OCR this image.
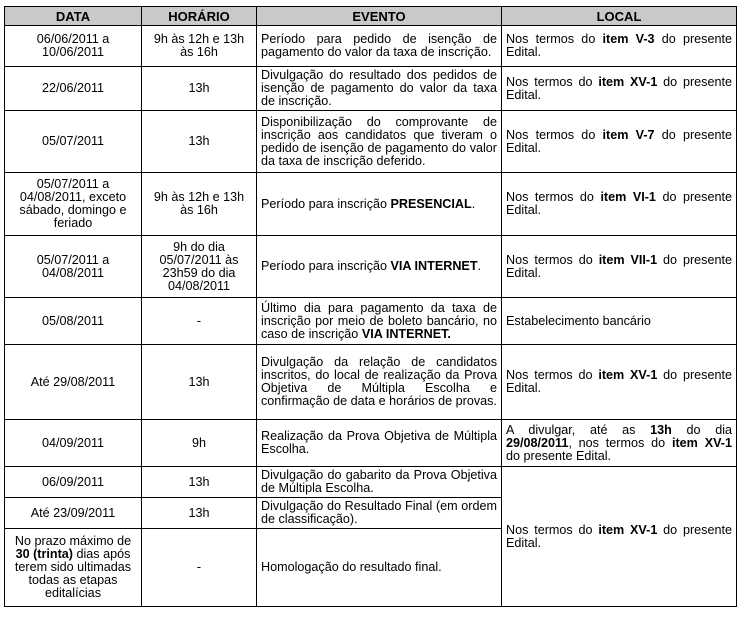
DATA	HORÁRIO	EVENTO	LOCAL
06/06/2011 a 10/06/2011	9h às 12h e 13h às 16h	Período para pedido de isenção de pagamento do valor da taxa de inscrição.	Nos termos do item V-3 do presente Edital.
22/06/2011	13h	Divulgação do resultado dos pedidos de isenção de pagamento do valor da taxa de inscrição.	Nos termos do item XV-1 do presente Edital.
05/07/2011	13h	Disponibilização do comprovante de inscrição aos candidatos que tiveram o pedido de isenção de pagamento do valor da taxa de inscrição deferido.	Nos termos do item V-7 do presente Edital.
05/07/2011 a 04/08/2011, exceto sábado, domingo e feriado	9h às 12h e 13h às 16h	Período para inscrição PRESENCIAL.	Nos termos do item VI-1 do presente Edital.
05/07/2011 a 04/08/2011	9h do dia 05/07/2011 às 23h59 do dia 04/08/2011	Período para inscrição VIA INTERNET.	Nos termos do item VII-1 do presente Edital.
05/08/2011	-	Último dia para pagamento da taxa de inscrição por meio de boleto bancário, no caso de inscrição VIA INTERNET.	Estabelecimento bancário
Até 29/08/2011	13h	Divulgação da relação de candidatos inscritos, do local de realização da Prova Objetiva de Múltipla Escolha e confirmação de data e horários de provas.	Nos termos do item XV-1 do presente Edital.
04/09/2011	9h	Realização da Prova Objetiva de Múltipla Escolha.	A divulgar, até as 13h do dia 29/08/2011, nos termos do item XV-1 do presente Edital.
06/09/2011	13h	Divulgação do gabarito da Prova Objetiva de Múltipla Escolha.	Nos termos do item XV-1 do presente Edital.
Até 23/09/2011	13h	Divulgação do Resultado Final (em ordem de classificação).	
No prazo máximo de 30 (trinta) dias após terem sido ultimadas todas as etapas editalícias	-	Homologação do resultado final.	
